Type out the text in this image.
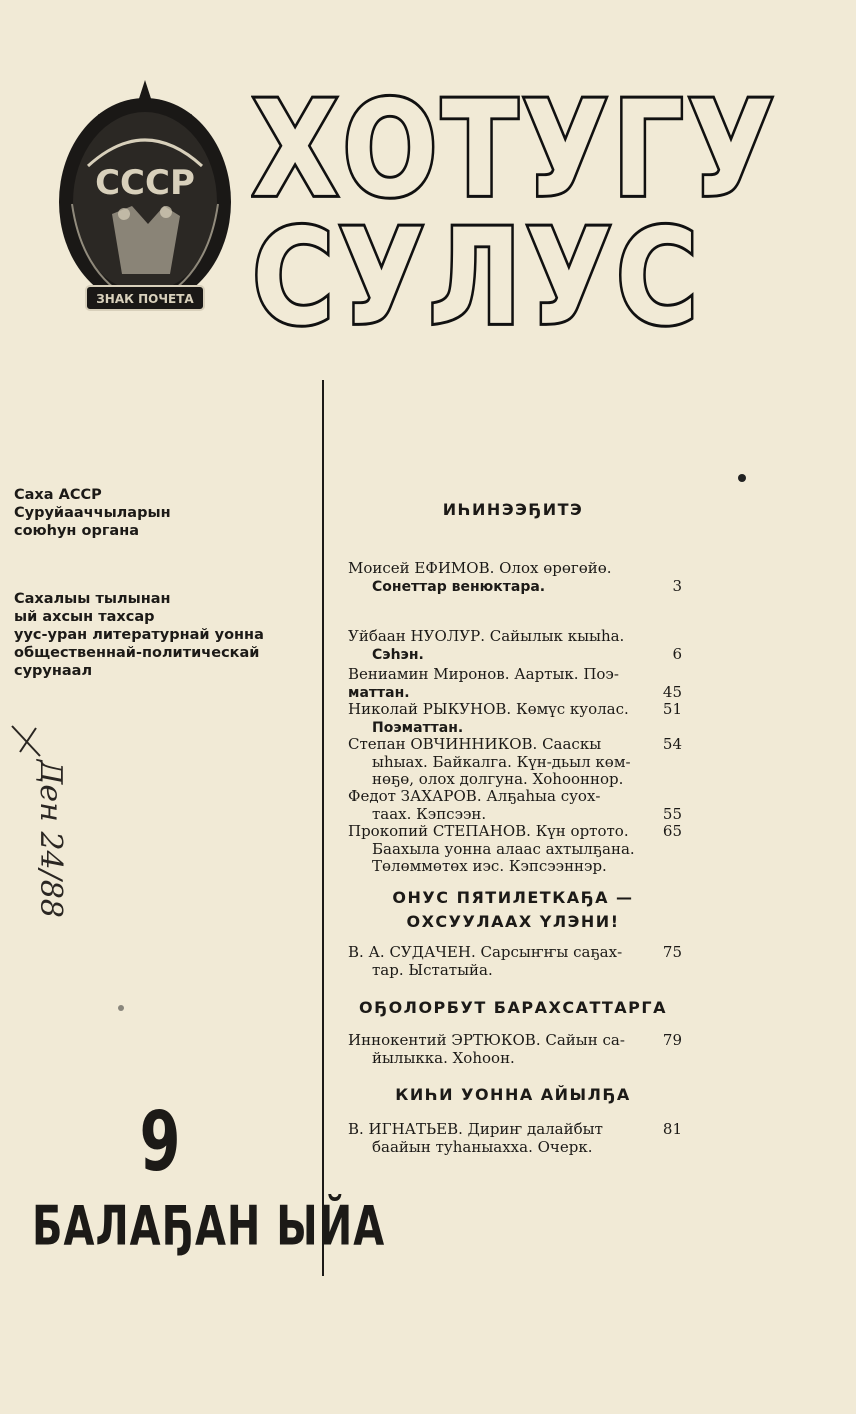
СССР
ЗНАК ПОЧЕТА
ХОТУГУ
СУЛУС
Саха АССР
Суруйааччыларын
союһун органа
Сахалыы тылынан
ый ахсын тахсар
уус-уран литературнай уонна
общественнай-политическай
сурунаал
Ден 24/88
9
БАЛАҔАН ЫЙА
ИҺИНЭЭҔИТЭ
Моисей ЕФИМОВ. Олох өрөгөйө.
Сонеттар венюктара.	3
Уйбаан НУОЛУР. Сайылык кыыһа.
Сэһэн.	6
Вениамин Миронов. Аартык. Поэ-
маттан.	45
Николай РЫКУНОВ. Көмүс куолас. 51
Поэматтан.
Степан ОВЧИННИКОВ. Сааскы	54
ыһыах. Байкалга. Күн-дьыл көм-
нөҕө, олох долгуна. Хоһооннор.
Федот ЗАХАРОВ. Алҕаһыа суох-
таах. Кэпсээн.	55
Прокопий СТЕПАНОВ. Күн ортото. 65
Баахыла уонна алаас ахтылҕана.
Төлөммөтөх иэс. Кэпсээннэр.
ОНУС ПЯТИЛЕТКАҔА —
ОХСУУЛААХ ҮЛЭНИ!
В. А. СУДАЧЕН. Сарсыҥҥы саҕах-	75
тар. Ыстатыйа.
ОҔОЛОРБУТ БАРАХСАТТАРГА
Иннокентий ЭРТЮКОВ. Сайын са-	79
йылыкка. Хоһоон.
КИҺИ УОННА АЙЫЛҔА
В. ИГНАТЬЕВ. Дириҥ далайбыт	81
баайын туһаныахха. Очерк.
